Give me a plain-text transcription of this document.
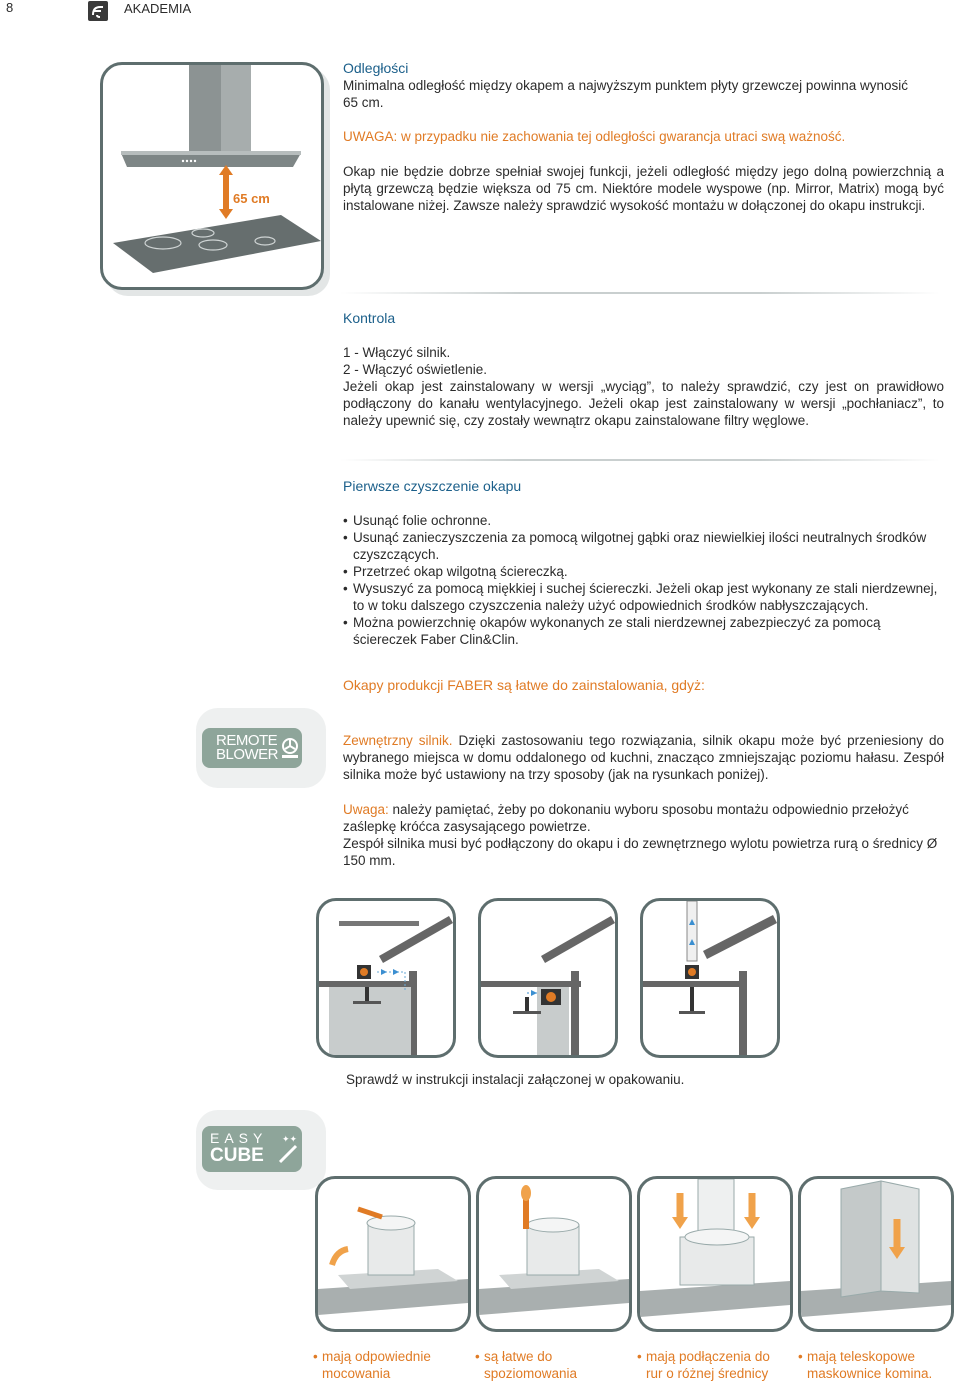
8	AKADEMIA
65 cm
Odległości
Minimalna odległość między okapem a najwyższym punktem płyty grzewczej powinna wynosić 65 cm.
UWAGA: w przypadku nie zachowania tej odległości gwarancja utraci swą ważność.
Okap nie będzie dobrze spełniał swojej funkcji, jeżeli odległość między jego dolną powierzchnią a płytą grzewczą będzie większa od 75 cm. Niektóre modele wyspowe (np. Mirror, Matrix) mogą być instalowane niżej. Zawsze należy sprawdzić wysokość montażu w dołączonej do okapu instrukcji.
Kontrola
1 - Włączyć silnik.
2 - Włączyć oświetlenie.
Jeżeli okap jest zainstalowany w wersji „wyciąg”, to należy sprawdzić, czy jest on prawidłowo podłączony do kanału wentylacyjnego. Jeżeli okap jest zainstalowany w wersji „pochłaniacz”, to należy upewnić się, czy zostały wewnątrz okapu zainstalowane filtry węglowe.
Pierwsze czyszczenie okapu
• Usunąć folie ochronne.
• Usunąć zanieczyszczenia za pomocą wilgotnej gąbki oraz niewielkiej ilości neutralnych środków czyszczących.
• Przetrzeć okap wilgotną ściereczką.
• Wysuszyć za pomocą miękkiej i suchej ściereczki. Jeżeli okap jest wykonany ze stali nierdzewnej, to w toku dalszego czyszczenia należy użyć odpowiednich środków nabłyszczających.
• Można powierzchnię okapów wykonanych ze stali nierdzewnej zabezpieczyć za pomocą ściereczek Faber Clin&Clin.
Okapy produkcji FABER są łatwe do zainstalowania, gdyż:
REMOTE
BLOWER
Zewnętrzny silnik. Dzięki zastosowaniu tego rozwiązania, silnik okapu może być przeniesiony do wybranego miejsca w domu oddalonego od kuchni, znacząco zmniejszając poziomu hałasu. Zespół silnika może być ustawiony na trzy sposoby (jak na rysunkach poniżej).
Uwaga: należy pamiętać, żeby po dokonaniu wyboru sposobu montażu odpowiednio przełożyć zaślepkę króćca zasysającego powietrze.
Zespół silnika musi być podłączony do okapu i do zewnętrznego wylotu powietrza rurą o średnicy Ø 150 mm.
Sprawdź w instrukcji instalacji załączonej w opakowaniu.
EASY
CUBE
✦✦
• mają odpowiednie
mocowania
• są łatwe do
spoziomowania
• mają podłączenia do
rur o różnej średnicy
• mają teleskopowe
maskownice komina.
